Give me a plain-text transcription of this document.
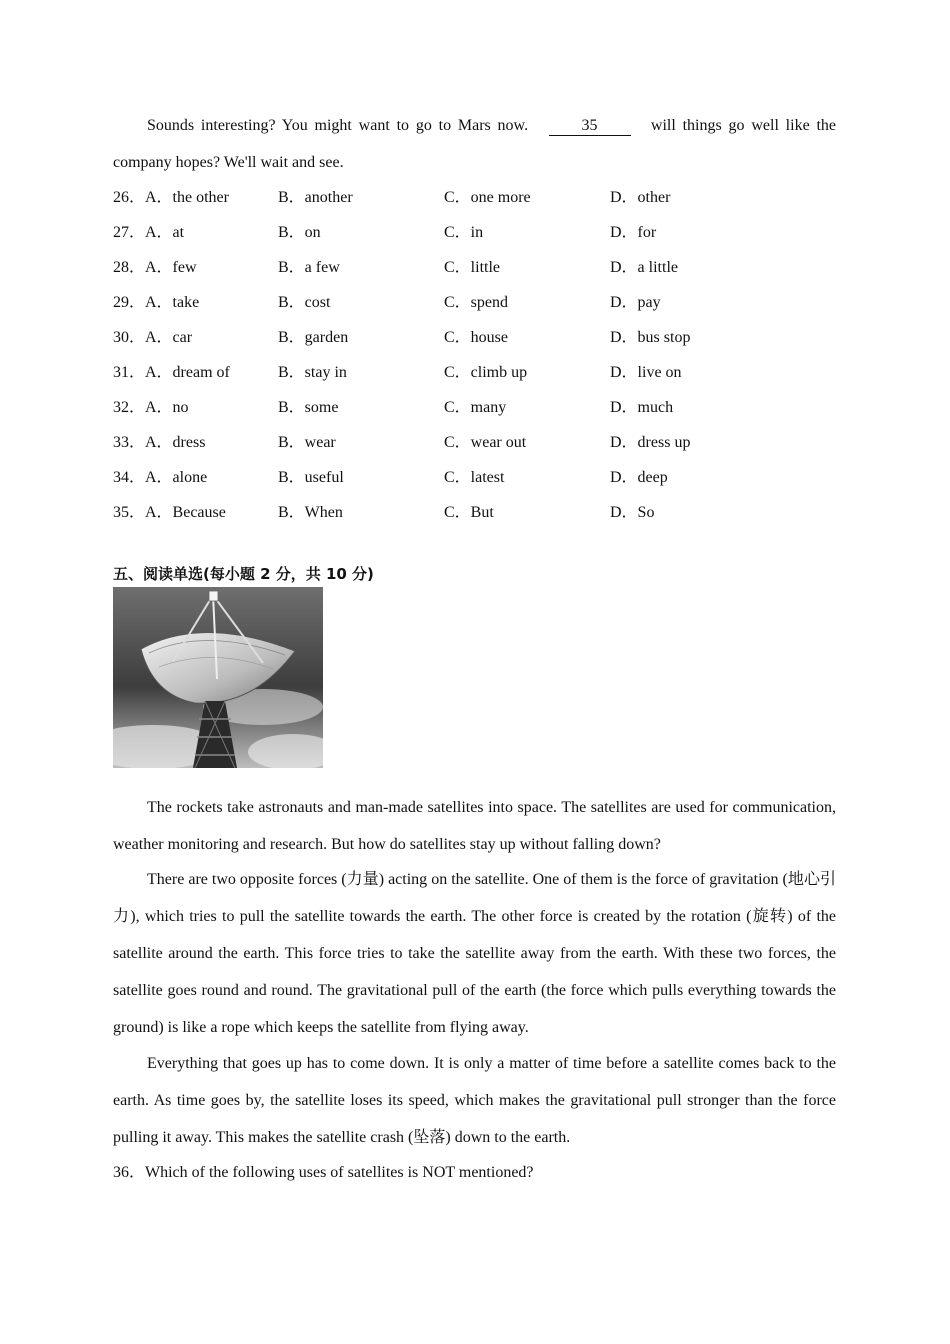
Sounds interesting? You might want to go to Mars now.	35	will things go well like the company hopes? We'll wait and see.

26． A．the other	B．another	C．one more	D．other
27． A．at	B．on	C．in	D．for
28． A．few	B．a few	C．little	D．a little
29． A．take	B．cost	C．spend	D．pay
30． A．car	B．garden	C．house	D．bus stop
31． A．dream of	B．stay in	C．climb up	D．live on
32． A．no	B．some	C．many	D．much
33． A．dress	B．wear	C．wear out	D．dress up
34． A．alone	B．useful	C．latest	D．deep
35． A．Because	B．When	C．But	D．So
五、阅读单选(每小题 2 分，共 10 分)

The rockets take astronauts and man-made satellites into space. The satellites are used for communication, weather monitoring and research. But how do satellites stay up without falling down?

There are two opposite forces (力量) acting on the satellite. One of them is the force of gravitation (地心引力), which tries to pull the satellite towards the earth. The other force is created by the rotation (旋转) of the satellite around the earth. This force tries to take the satellite away from the earth. With these two forces, the satellite goes round and round. The gravitational pull of the earth (the force which pulls everything towards the ground) is like a rope which keeps the satellite from flying away.

Everything that goes up has to come down. It is only a matter of time before a satellite comes back to the earth. As time goes by, the satellite loses its speed, which makes the gravitational pull stronger than the force pulling it away. This makes the satellite crash (坠落) down to the earth.

36．Which of the following uses of satellites is NOT mentioned?
